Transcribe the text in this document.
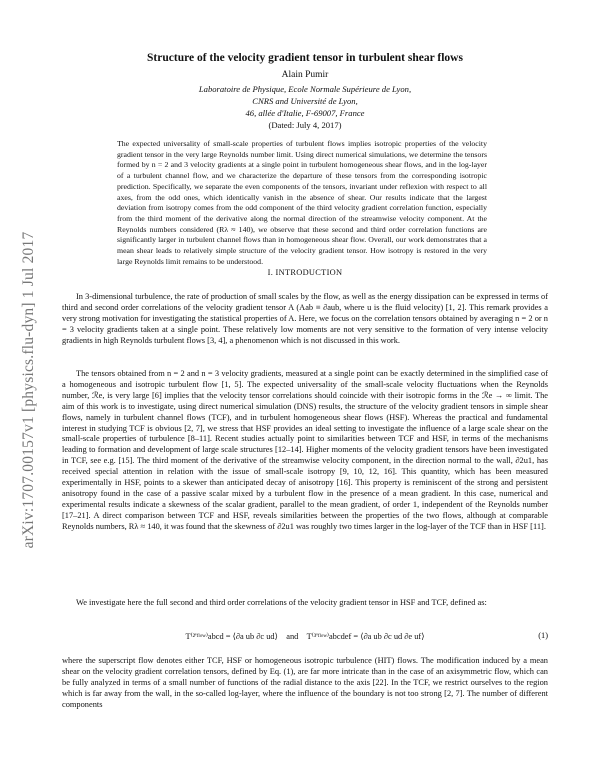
arXiv:1707.00157v1 [physics.flu-dyn] 1 Jul 2017
Structure of the velocity gradient tensor in turbulent shear flows
Alain Pumir
Laboratoire de Physique, Ecole Normale Supérieure de Lyon,
CNRS and Université de Lyon,
46, allée d'Italie, F-69007, France
(Dated: July 4, 2017)
The expected universality of small-scale properties of turbulent flows implies isotropic properties of the velocity gradient tensor in the very large Reynolds number limit. Using direct numerical simulations, we determine the tensors formed by n = 2 and 3 velocity gradients at a single point in turbulent homogeneous shear flows, and in the log-layer of a turbulent channel flow, and we characterize the departure of these tensors from the corresponding isotropic prediction. Specifically, we separate the even components of the tensors, invariant under reflexion with respect to all axes, from the odd ones, which identically vanish in the absence of shear. Our results indicate that the largest deviation from isotropy comes from the odd component of the third velocity gradient correlation function, especially from the third moment of the derivative along the normal direction of the streamwise velocity component. At the Reynolds numbers considered (Rλ ≈ 140), we observe that these second and third order correlation functions are significantly larger in turbulent channel flows than in homogeneous shear flow. Overall, our work demonstrates that a mean shear leads to relatively simple structure of the velocity gradient tensor. How isotropy is restored in the very large Reynolds limit remains to be understood.
I. INTRODUCTION
In 3-dimensional turbulence, the rate of production of small scales by the flow, as well as the energy dissipation can be expressed in terms of third and second order correlations of the velocity gradient tensor A (Aab ≡ ∂aub, where u is the fluid velocity) [1, 2]. This remark provides a very strong motivation for investigating the statistical properties of A. Here, we focus on the correlation tensors obtained by averaging n = 2 or n = 3 velocity gradients taken at a single point. These relatively low moments are not very sensitive to the formation of very intense velocity gradients in high Reynolds turbulent flows [3, 4], a phenomenon which is not discussed in this work.
The tensors obtained from n = 2 and n = 3 velocity gradients, measured at a single point can be exactly determined in the simplified case of a homogeneous and isotropic turbulent flow [1, 5]. The expected universality of the small-scale velocity fluctuations when the Reynolds number, ℛe, is very large [6] implies that the velocity tensor correlations should coincide with their isotropic forms in the ℛe → ∞ limit. The aim of this work is to investigate, using direct numerical simulation (DNS) results, the structure of the velocity gradient tensors in simple shear flows, namely in turbulent channel flows (TCF), and in turbulent homogeneous shear flows (HSF). Whereas the practical and fundamental interest in studying TCF is obvious [2, 7], we stress that HSF provides an ideal setting to investigate the influence of a large scale shear on the small-scale properties of turbulence [8–11]. Recent studies actually point to similarities between TCF and HSF, in terms of the mechanisms leading to formation and development of large scale structures [12–14]. Higher moments of the velocity gradient tensors have been investigated in TCF, see e.g. [15]. The third moment of the derivative of the streamwise velocity component, in the direction normal to the wall, ∂2u1, has received special attention in relation with the issue of small-scale isotropy [9, 10, 12, 16]. This quantity, which has been measured experimentally in HSF, points to a skewer than anticipated decay of anisotropy [16]. This property is reminiscent of the strong and persistent anisotropy found in the case of a passive scalar mixed by a turbulent flow in the presence of a mean gradient. In this case, numerical and experimental results indicate a skewness of the scalar gradient, parallel to the mean gradient, of order 1, independent of the Reynolds number [17–21]. A direct comparison between TCF and HSF, reveals similarities between the properties of the two flows, although at comparable Reynolds numbers, Rλ ≈ 140, it was found that the skewness of ∂2u1 was roughly two times larger in the log-layer of the TCF than in HSF [11].
We investigate here the full second and third order correlations of the velocity gradient tensor in HSF and TCF, defined as:
T⁽²'ᶠˡᵒʷ⁾abcd = ⟨∂a ub ∂c ud⟩ and T⁽³'ᶠˡᵒʷ⁾abcdef = ⟨∂a ub ∂c ud ∂e uf⟩	(1)
where the superscript flow denotes either TCF, HSF or homogeneous isotropic turbulence (HIT) flows. The modification induced by a mean shear on the velocity gradient correlation tensors, defined by Eq. (1), are far more intricate than in the case of an axisymmetric flow, which can be fully analyzed in terms of a small number of functions of the radial distance to the axis [22]. In the TCF, we restrict ourselves to the region which is far away from the wall, in the so-called log-layer, where the influence of the boundary is not too strong [2, 7]. The number of different components
